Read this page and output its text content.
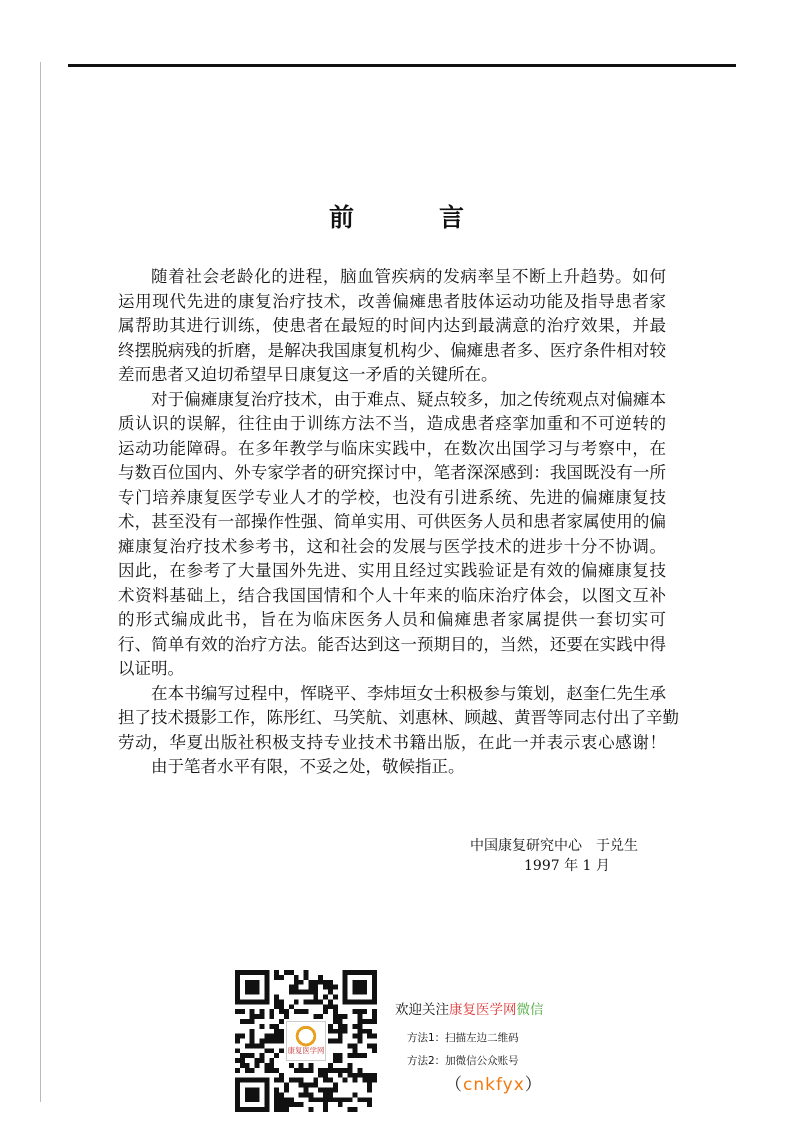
前　言
随着社会老龄化的进程，脑血管疾病的发病率呈不断上升趋势。如何
运用现代先进的康复治疗技术，改善偏瘫患者肢体运动功能及指导患者家
属帮助其进行训练，使患者在最短的时间内达到最满意的治疗效果，并最
终摆脱病残的折磨，是解决我国康复机构少、偏瘫患者多、医疗条件相对较
差而患者又迫切希望早日康复这一矛盾的关键所在。
对于偏瘫康复治疗技术，由于难点、疑点较多，加之传统观点对偏瘫本
质认识的误解，往往由于训练方法不当，造成患者痉挛加重和不可逆转的
运动功能障碍。在多年教学与临床实践中，在数次出国学习与考察中，在
与数百位国内、外专家学者的研究探讨中，笔者深深感到：我国既没有一所
专门培养康复医学专业人才的学校，也没有引进系统、先进的偏瘫康复技
术，甚至没有一部操作性强、简单实用、可供医务人员和患者家属使用的偏
瘫康复治疗技术参考书，这和社会的发展与医学技术的进步十分不协调。
因此，在参考了大量国外先进、实用且经过实践验证是有效的偏瘫康复技
术资料基础上，结合我国国情和个人十年来的临床治疗体会，以图文互补
的形式编成此书，旨在为临床医务人员和偏瘫患者家属提供一套切实可
行、简单有效的治疗方法。能否达到这一预期目的，当然，还要在实践中得
以证明。
在本书编写过程中，恽晓平、李炜垣女士积极参与策划，赵奎仁先生承
担了技术摄影工作，陈彤红、马笑航、刘惠林、顾越、黄晋等同志付出了辛勤
劳动，华夏出版社积极支持专业技术书籍出版，在此一并表示衷心感谢！
由于笔者水平有限，不妥之处，敬候指正。
中国康复研究中心　于兑生
1997 年 1 月
康复医学网
欢迎关注康复医学网微信
方法1：扫描左边二维码
方法2：加微信公众账号
（cnkfyx）
